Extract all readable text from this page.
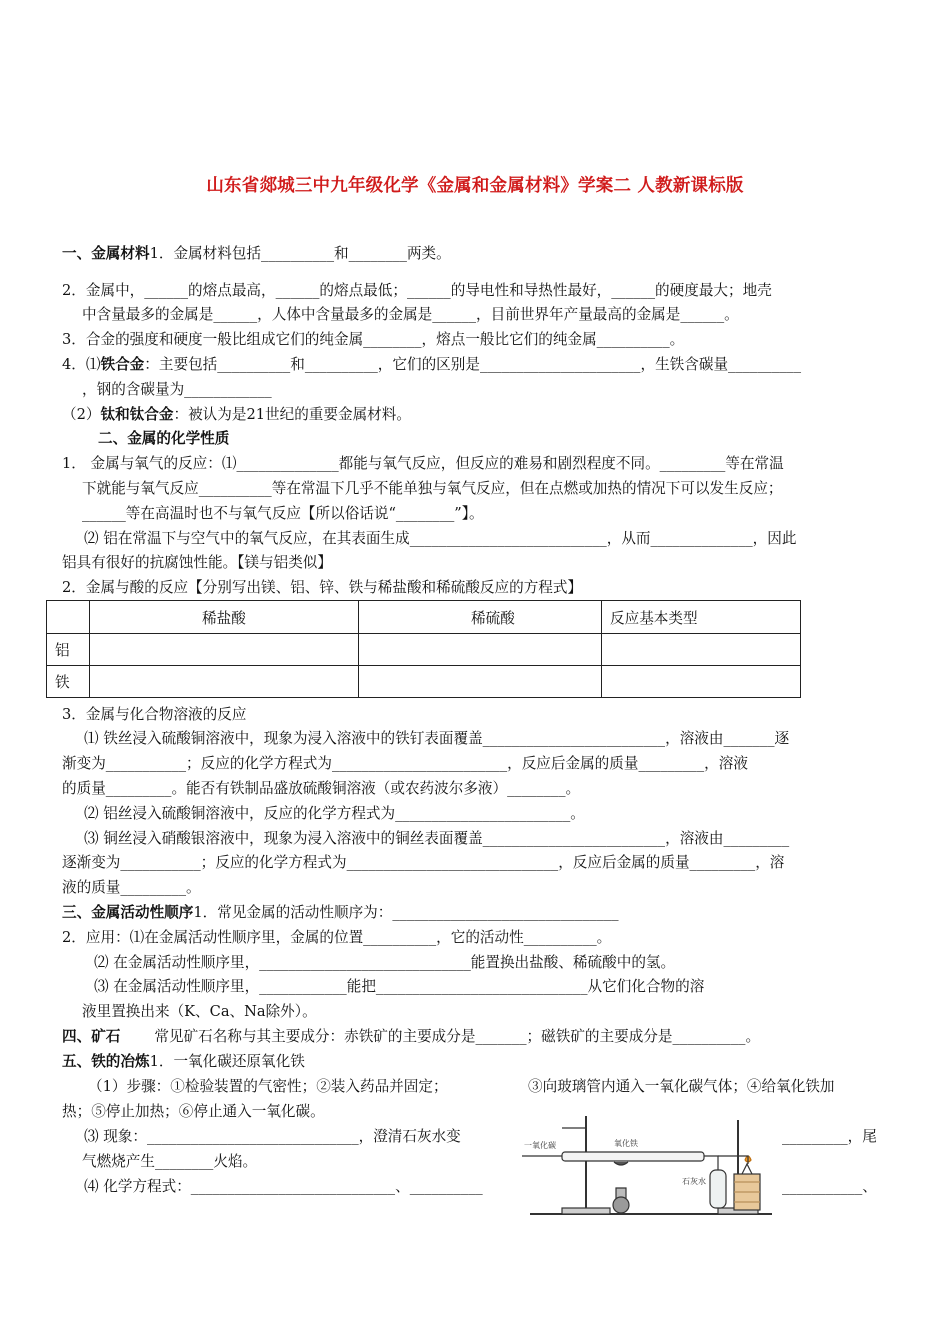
山东省郯城三中九年级化学《金属和金属材料》学案二 人教新课标版
一、金属材料1．金属材料包括__________和________两类。
2．金属中，______的熔点最高，______的熔点最低；______的导电性和导热性最好，______的硬度最大；地壳
中含量最多的金属是______，人体中含量最多的金属是______，目前世界年产量最高的金属是______。
3．合金的强度和硬度一般比组成它们的纯金属________，熔点一般比它们的纯金属__________。
4．⑴铁合金：主要包括__________和__________，它们的区别是______________________，生铁含碳量__________
，钢的含碳量为____________
（2）钛和钛合金：被认为是21世纪的重要金属材料。
二、金属的化学性质
1． 金属与氧气的反应：⑴______________都能与氧气反应，但反应的难易和剧烈程度不同。_________等在常温
下就能与氧气反应__________等在常温下几乎不能单独与氧气反应，但在点燃或加热的情况下可以发生反应；
______等在高温时也不与氧气反应【所以俗话说“________”】。
⑵ 铝在常温下与空气中的氧气反应，在其表面生成___________________________，从而______________，因此
铝具有很好的抗腐蚀性能。【镁与铝类似】
2．金属与酸的反应【分别写出镁、铝、锌、铁与稀盐酸和稀硫酸反应的方程式】

	稀盐酸	稀硫酸	反应基本类型
铝			
铁			
3．金属与化合物溶液的反应
⑴ 铁丝浸入硫酸铜溶液中，现象为浸入溶液中的铁钉表面覆盖_________________________，溶液由_______逐
渐变为___________；反应的化学方程式为________________________，反应后金属的质量_________，溶液
的质量_________。能否有铁制品盛放硫酸铜溶液（或农药波尔多液）________。
⑵ 铝丝浸入硫酸铜溶液中，反应的化学方程式为________________________。
⑶ 铜丝浸入硝酸银溶液中，现象为浸入溶液中的铜丝表面覆盖_________________________，溶液由_________
逐渐变为___________；反应的化学方程式为_____________________________，反应后金属的质量_________，溶
液的质量_________。
三、金属活动性顺序1．常见金属的活动性顺序为：_______________________________
2．应用：⑴在金属活动性顺序里，金属的位置__________，它的活动性__________。
⑵ 在金属活动性顺序里，_____________________________能置换出盐酸、稀硫酸中的氢。
⑶ 在金属活动性顺序里，____________能把_____________________________从它们化合物的溶
液里置换出来（K、Ca、Na除外）。
四、矿石 常见矿石名称与其主要成分：赤铁矿的主要成分是_______；磁铁矿的主要成分是__________。
五、铁的冶炼1．一氧化碳还原氧化铁
（1）步骤：①检验装置的气密性；②装入药品并固定；	③向玻璃管内通入一氧化碳气体；④给氧化铁加
热；⑤停止加热；⑥停止通入一氧化碳。
⑶ 现象：_____________________________，澄清石灰水变	_________，尾
气燃烧产生________火焰。
⑷ 化学方程式：____________________________、__________	___________、
一氧化碳	氧化铁
石灰水
